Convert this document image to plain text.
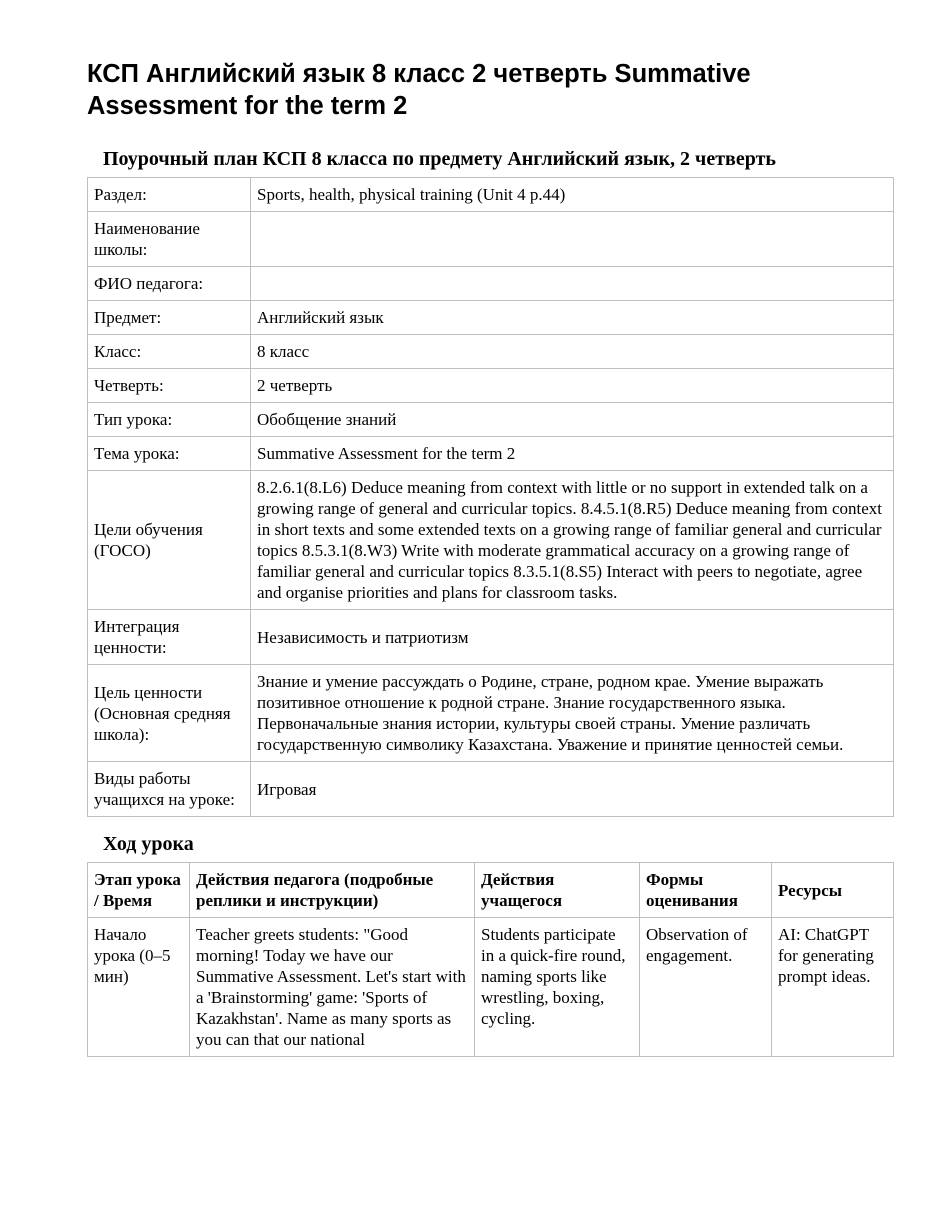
КСП Английский язык 8 класс 2 четверть Summative Assessment for the term 2
Поурочный план КСП 8 класса по предмету Английский язык, 2 четверть
Раздел:	Sports, health, physical training (Unit 4 p.44)
Наименование школы:	
ФИО педагога:	
Предмет:	Английский язык
Класс:	8 класс
Четверть:	2 четверть
Тип урока:	Обобщение знаний
Тема урока:	Summative Assessment for the term 2
Цели обучения (ГОСО)	8.2.6.1(8.L6) Deduce meaning from context with little or no support in extended talk on a growing range of general and curricular topics. 8.4.5.1(8.R5) Deduce meaning from context in short texts and some extended texts on a growing range of familiar general and curricular topics 8.5.3.1(8.W3) Write with moderate grammatical accuracy on a growing range of familiar general and curricular topics 8.3.5.1(8.S5) Interact with peers to negotiate, agree and organise priorities and plans for classroom tasks.
Интеграция ценности:	Независимость и патриотизм
Цель ценности (Основная средняя школа):	Знание и умение рассуждать о Родине, стране, родном крае. Умение выражать позитивное отношение к родной стране. Знание государственного языка. Первоначальные знания истории, культуры своей страны. Умение различать государственную символику Казахстана. Уважение и принятие ценностей семьи.
Виды работы учащихся на уроке:	Игровая
Ход урока
Этап урока / Время	Действия педагога (подробные реплики и инструкции)	Действия учащегося	Формы оценивания	Ресурсы
Начало урока (0–5 мин)	Teacher greets students: "Good morning! Today we have our Summative Assessment. Let's start with a 'Brainstorming' game: 'Sports of Kazakhstan'. Name as many sports as you can that our national	Students participate in a quick-fire round, naming sports like wrestling, boxing, cycling.	Observation of engagement.	AI: ChatGPT for generating prompt ideas.
